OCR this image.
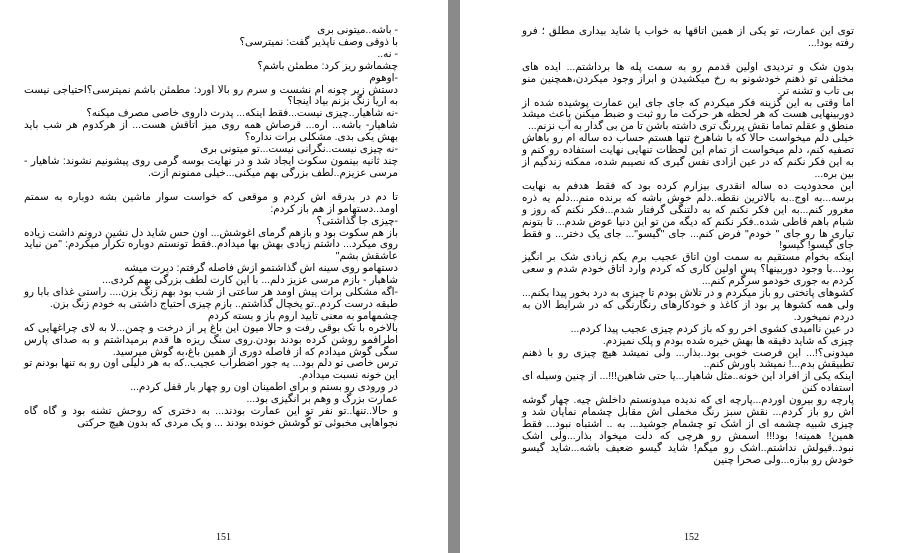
- باشه..میتونی بری

با ذوقی وصف ناپذیر گفت: نمیترسی؟

- نه..

چشماشو ریز کرد: مطمئن باشم؟

-اوهوم

دستش زیر چونه ام نشست و سرم رو بالا اورد: مطمئن باشم نمیترسی؟احتیاجی نیست به اریا زنگ بزنم بیاد اینجا؟

-نه شاهیار..چیزی نیست...فقط اینکه... پدرت داروی خاصی مصرف میکنه؟

شاهیار- باشه... اره... قرصاش همه روی میز اتاقش هست... از هرکدوم هر شب باید بهش یکی بدی. مشکلی برات نداره؟

-نه چیزی نیست..نگرانی نیست...تو میتونی بری

چند ثانیه بینمون سکوت ایجاد شد و در نهایت بوسه گرمی روی پیشونیم نشوند: شاهیار - مرسی عزیزم..لطف بزرگی بهم میکنی...خیلی ممنونم ازت.

تا دم در بدرقه اش کردم و موقعی که خواست سوار ماشین بشه دوباره به سمتم اومد..دستهامو از هم باز کردم:

-چیزی جا گذاشتی؟

باز هم سکوت بود و بازهم گرمای اغوشش... اون حس شاید دل نشین درونم داشت زیاده روی میکرد... داشتم زیادی بهش بها میدادم..فقط تونستم دوباره تکرار میکردم: "من نباید عاشقش بشم"

دستهامو روی سینه اش گذاشتمو ازش فاصله گرفتم: دیرت میشه

شاهیار - بازم مرسی عزیز دلم... با این کارت لطف بزرگی بهم کردی...

-اگه مشکلی برات پیش اومد هر ساعتی از شب بود بهم زنگ بزن.... راستی غذای بابا رو طبقه درست کردم..تو یخچال گذاشتم.. بازم چیزی احتیاج داشتی به خودم زنگ بزن.

چشمهامو به معنی تایید اروم باز و بسته کردم

بالاخره با تک بوقی رفت و حالا میون این باغ پر از درخت و چمن...لا به لای چراغهایی که اطرافمو روشن کرده بودند بودن.روی سنگ ریزه ها قدم برمیداشتم و به صدای پارس سگی گوش میدادم که از فاصله دوری از همین باغ،به گوش میرسید.

ترس خاصی تو دلم بود... یه جور اضطراب عجیب..که به هر دلیلی اون رو به تنها بودنم تو این خونه نسبت میدادم.

در ورودی رو بستم و برای اطمینان اون رو چهار بار قفل کردم...

عمارت بزرگ و وهم بر انگیزی بود...

و حالا..تنها..تو نفر تو این عمارت بودند... به دختری که روحش تشنه بود و گاه گاه نجواهایی مخبوئی تو گوشش خونده بودند ... و یک مردی که بدون هیچ حرکتی

151

توی این عمارت، تو یکی از همین اتاقها به خواب یا شاید بیداری مطلق ؛ فرو رفته بود!...

بدون شک و تردیدی اولین قدمم رو به سمت پله ها برداشتم... ایده های مختلفی تو ذهنم خودشونو به رخ میکشیدن و ابراز وجود میکردن،همچنین منو بی تاب و تشنه تر.

اما وقتی به این گزینه فکر میکردم که جای جای این عمارت پوشیده شده از دوربینهایی هست که هر لحظه هر حرکت ما رو ثبت و ضبط میکنن باعث میشد منطق و عقلم تماما نقش پررنگ تری داشته باشن تا من بی گدار به آب نزنم...

خیلی دلم میخواست حالا که با شاهرخ تنها هستم حساب ده ساله ام رو باهاش تصفیه کنم، دلم میخواست از تمام این لحظات تنهایی نهایت استفاده رو کنم و به این فکر نکنم که در عین ازادی نفس گیری که نصیبم شده، ممکنه زندگیم از بین بره...

این محدودیت ده ساله انقدری بیزارم کرده بود که فقط هدفم به نهایت برسه...به اوج..به بالاترین نقطه..دلم خوش باشه که برنده منم...دلم یه ذره مغرور کنم...به این فکر نکنم که به دلتنگی گرفتار شدم...فکر نکنم که روز و شبام باهم قاطی شده..فکر نکنم که دیگه من تو این دنیا عوض شدم... تا بتونم تیاری ها رو جای " خودم" فرض کنم... جای "گیسو"... جای یک دختر... و فقط جای گیسو! گیسو!

اینکه بخوام مستقیم به سمت اون اتاق عجیب برم یکم زیادی شک بر انگیز بود...با وجود دوربینها؟ پس اولین کاری که کردم وارد اتاق خودم شدم و سعی کردم به جوری خودمو سرگرم کنم...

کشوهای پاتختی رو باز میکردم و در تلاش بودم تا چیزی به درد بخور پیدا بکنم... ولی همه کشوها پر بود از کاغذ و خودکارهای رنگارنگی که در شرایط الان به دردم نمیخورد.

در عین ناامیدی کشوی اخر رو که باز کردم چیزی عجیب پیدا کردم...

چیزی که شاید دقیقه ها بهش خیره شده بودم و پلک نمیزدم.

میدونی؟!... این فرصت خوبی بود..بذار... ولی نمیشد هیچ چیزی رو با ذهنم تطبیقش بدم...! نمیشد باورش کنم..

اینکه یکی از افراد این خونه..مثل شاهیار...یا حتی شاهین!!!... از چنین وسیله ای استفاده کنن

پارچه رو بیرون اوردم...پارچه ای که ندیده میدونستم داخلش چیه. چهار گوشه اش رو باز کردم... نقش سبز رنگ مخملی اش مقابل چشمام نمایان شد و چیزی شبیه چشمه ای از اشک تو چشمام جوشید... به .. اشتباه نبود... فقط همین! همینه! بود!!! اسمش رو هرچی که دلت میخواد بذار...ولی اشک نبود..قیولش نداشتم..اشک رو میگم! شاید گیسو ضعیف باشه...شاید گیسو خودش رو ببازه...ولی صحرا چنین

152
